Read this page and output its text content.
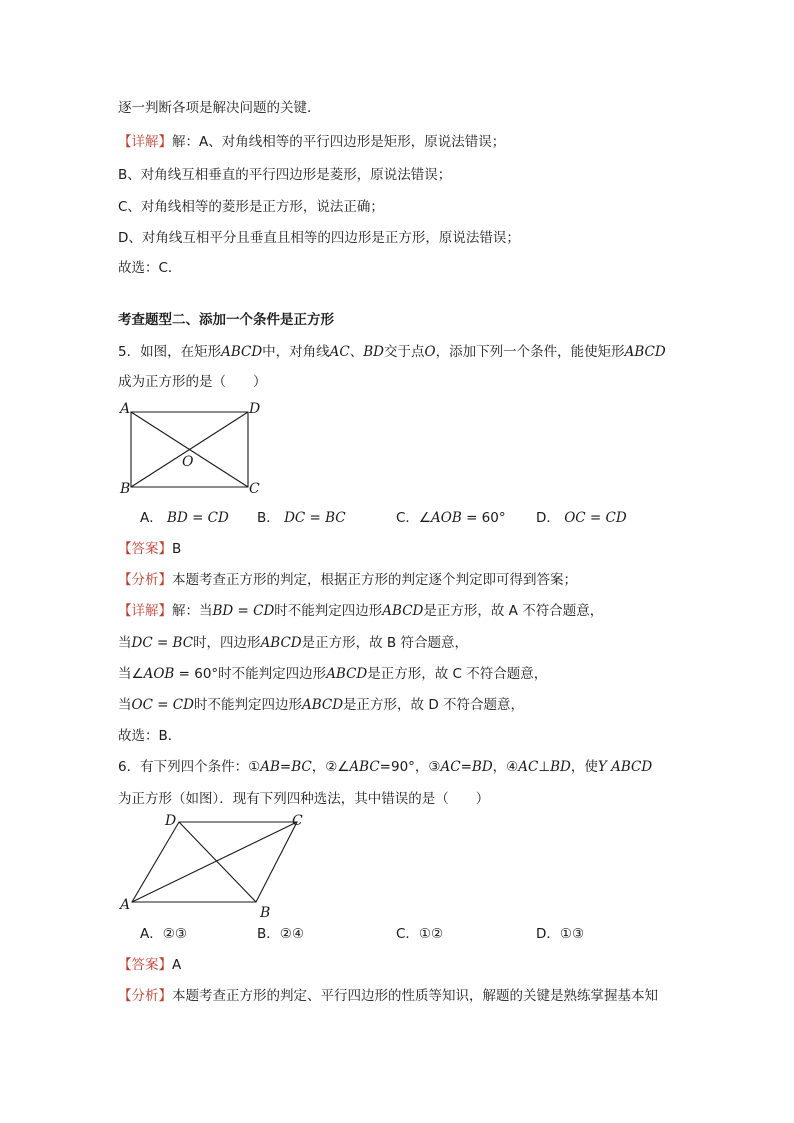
逐一判断各项是解决问题的关键．
【详解】解：A、对角线相等的平行四边形是矩形，原说法错误；
B、对角线互相垂直的平行四边形是菱形，原说法错误；
C、对角线相等的菱形是正方形，说法正确；
D、对角线互相平分且垂直且相等的四边形是正方形，原说法错误；
故选：C．
考查题型二、添加一个条件是正方形
5．如图，在矩形ABCD中，对角线AC、BD交于点O，添加下列一个条件，能使矩形ABCD
成为正方形的是（　　）
A	D
B	C
O
A． BD = CD B． DC = BC	C．∠AOB = 60° D． OC = CD
【答案】B
【分析】本题考查正方形的判定，根据正方形的判定逐个判定即可得到答案；
【详解】解：当BD = CD时不能判定四边形ABCD是正方形，故 A 不符合题意，
当DC = BC时，四边形ABCD是正方形，故 B 符合题意，
当∠AOB = 60°时不能判定四边形ABCD是正方形，故 C 不符合题意，
当OC = CD时不能判定四边形ABCD是正方形，故 D 不符合题意，
故选：B．
6．有下列四个条件：①AB=BC，②∠ABC=90°，③AC=BD，④AC⊥BD，使Y ABCD
为正方形（如图）．现有下列四种选法，其中错误的是（　　）
D	C
A	B
A．②③	B．②④	C．①②	D．①③
【答案】A
【分析】本题考查正方形的判定、平行四边形的性质等知识，解题的关键是熟练掌握基本知
